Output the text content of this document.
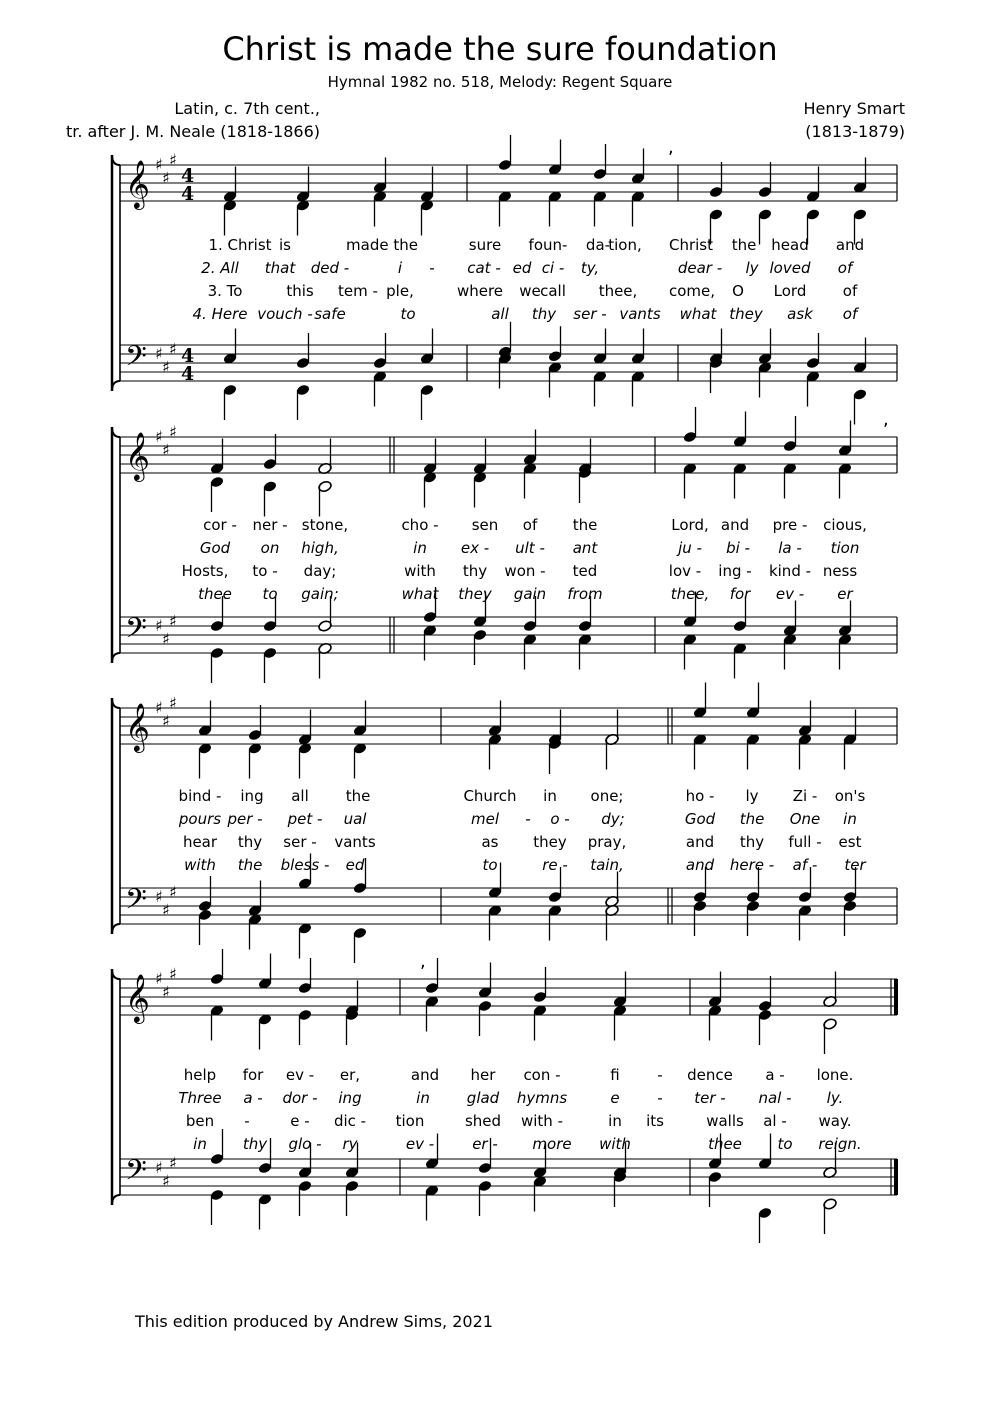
Christ is made the sure foundation
Hymnal 1982 no. 518, Melody: Regent Square
Latin, c. 7th cent.,
tr. after J. M. Neale (1818-1866)
Henry Smart
(1813-1879)
𝄞
𝄢
♯
♯
♯
♯
♯
♯
4
4
4
4
𝄞
𝄢
♯
♯
♯
♯
♯
♯
𝄞
𝄢
♯
♯
♯
♯
♯
♯
𝄞
𝄢
♯
♯
♯
♯
♯
♯
,
,
,
1. Christ is	made the	sure foun- da-
tion, Christ the head and
2. All that ded -	i - cat - ed ci - ty,	dear - ly loved of
3. To	this tem - ple,	where we call thee, come, O Lord of
4. Here vouch - safe	to	all thy ser - vants what they ask of
cor - ner - stone,	cho - sen of the	Lord, and pre - cious,
God on high,	in ex - ult - ant	ju - bi - la - tion
Hosts, to - day;	with thy won - ted	lov - ing - kind - ness
thee to gain;	what they gain from	thee, for ev - er
bind - ing all the	Church in one;	ho - ly Zi - on's
pours per - pet - ual	mel - o - dy;	God the One in
hear thy ser - vants	as they pray,	and thy full - est
with the bless - ed	to	re - tain,	and here - af - ter
help for ev - er,	and her con -	fi	- dence a - lone.
Three a - dor - ing	in glad hymns	e	- ter - nal - ly.
ben -	e - dic - tion	shed with -	in its	walls al - way.
in thy glo - ry	ev -	er - more with	thee to reign.
This edition produced by Andrew Sims, 2021
